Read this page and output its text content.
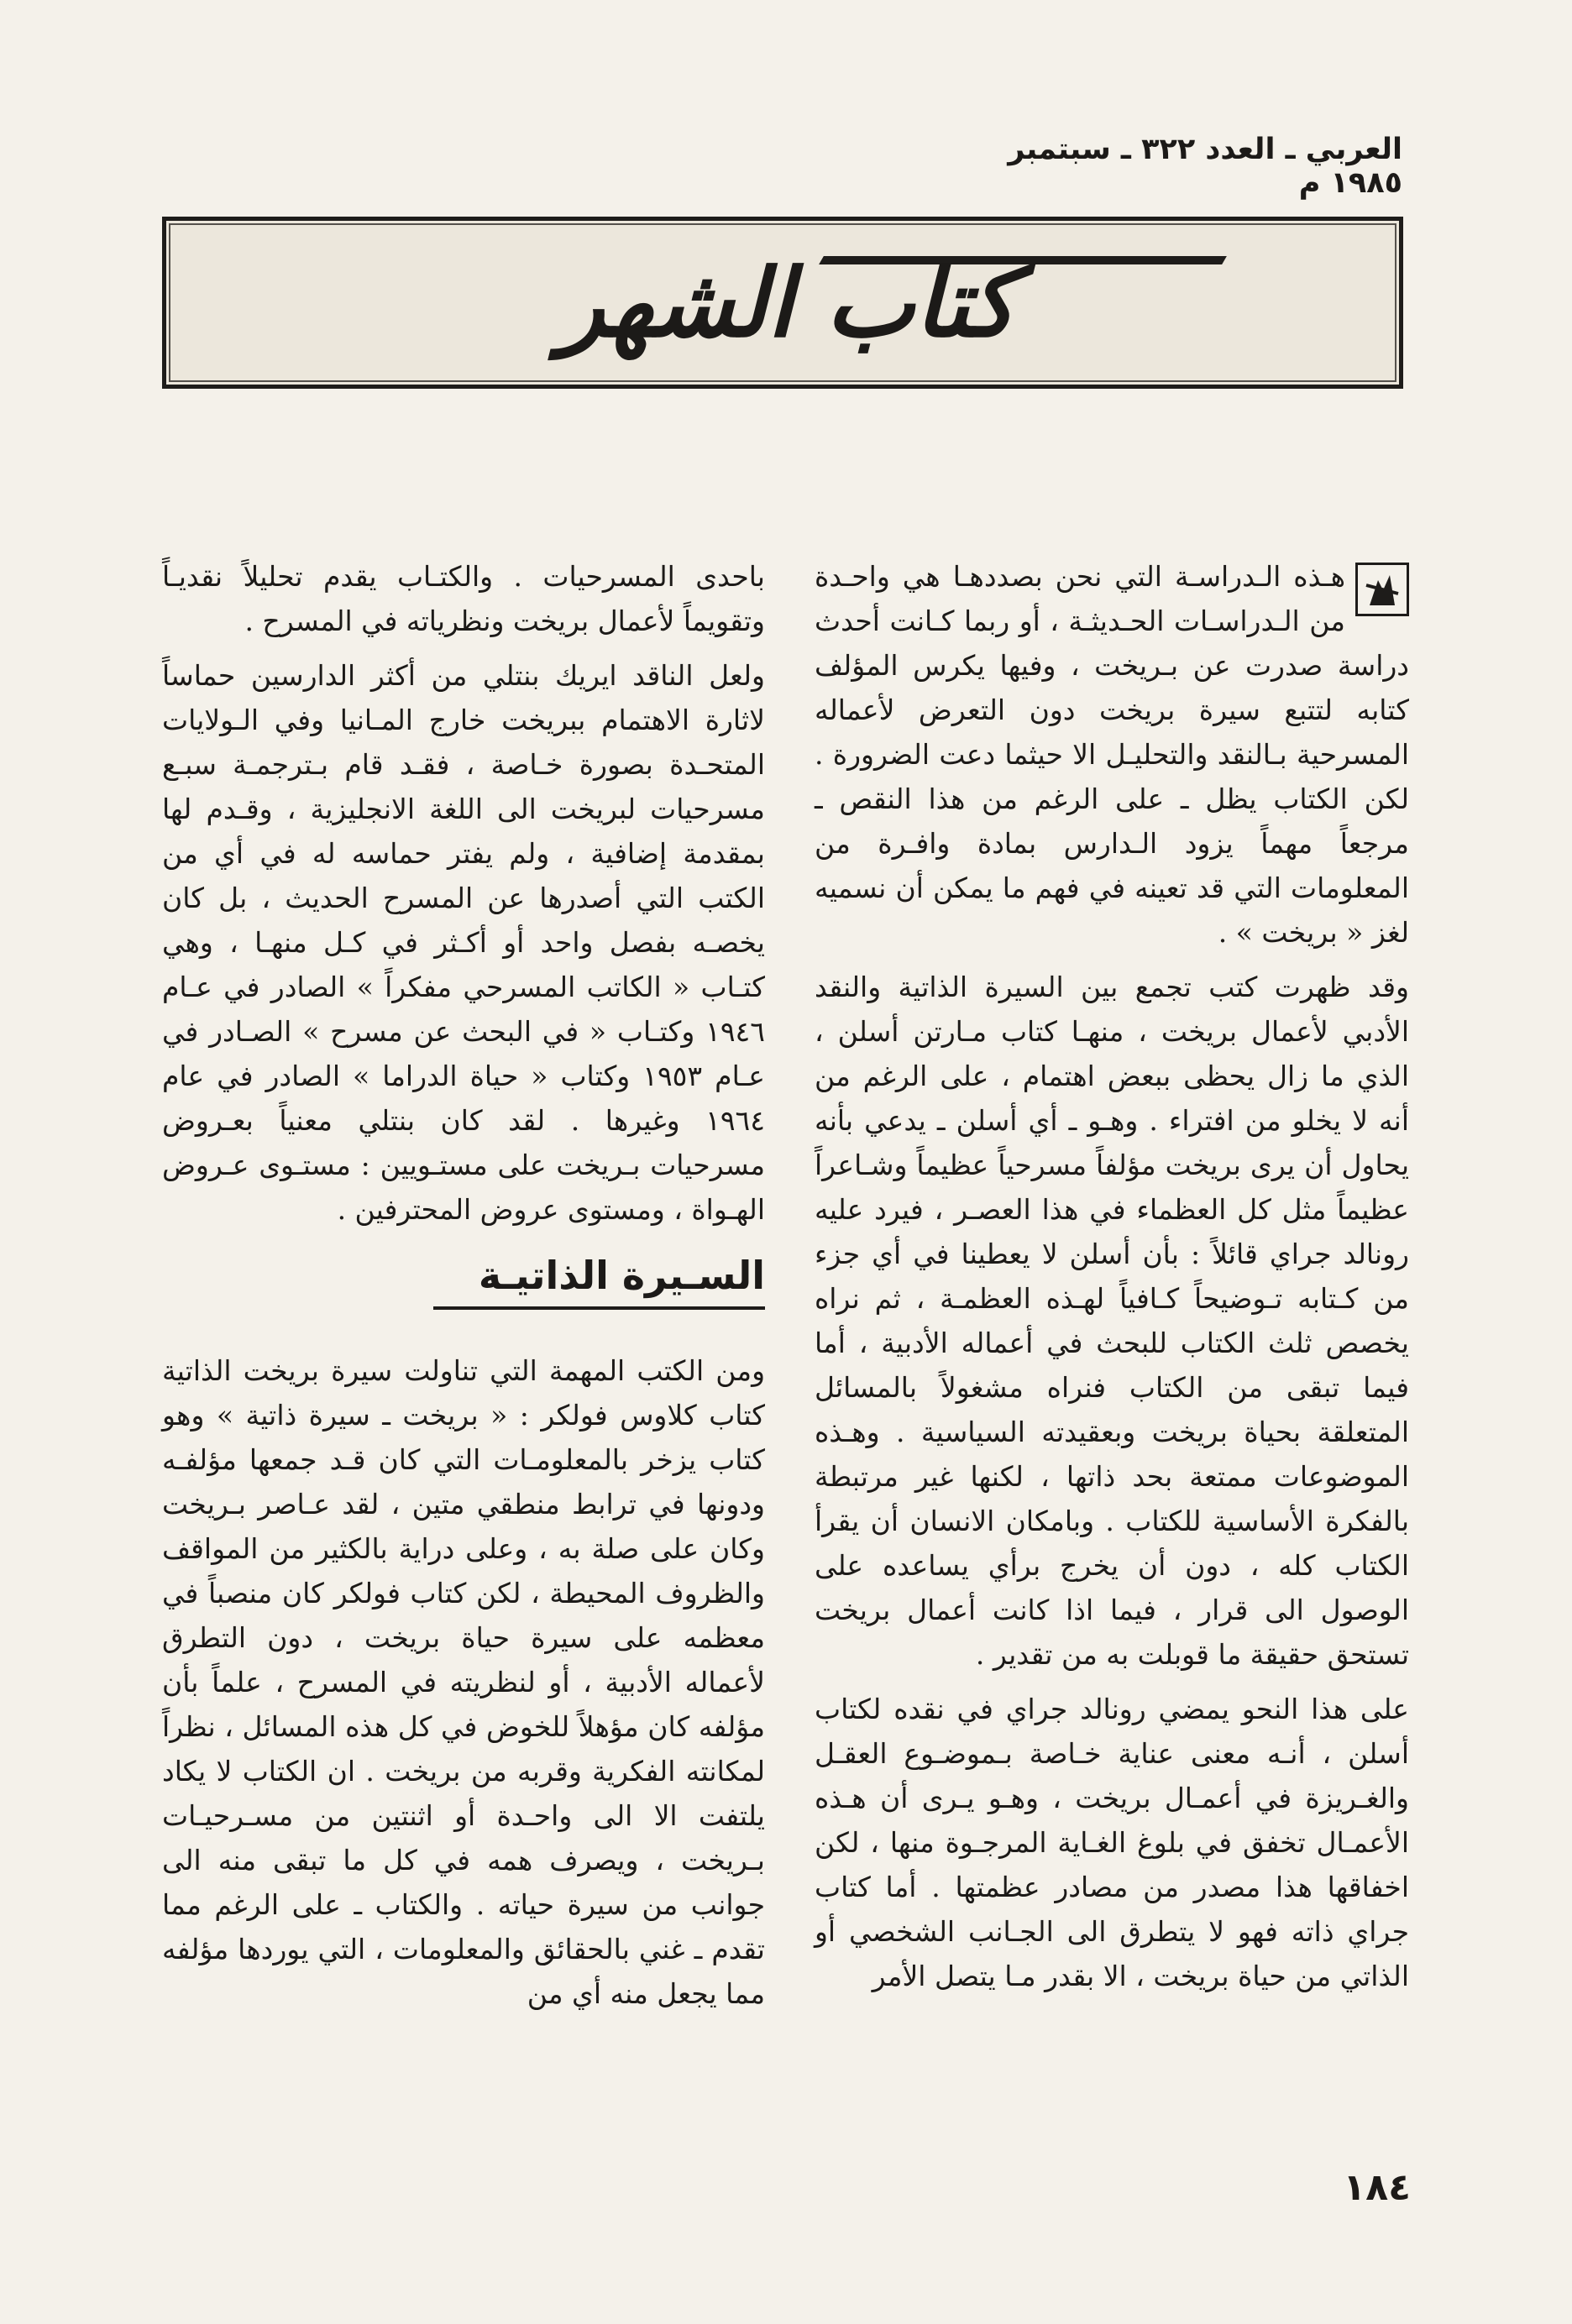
العربي ـ العدد ٣٢٢ ـ سبتمبر ١٩٨٥ م
كتاب الشهر

هـذه الـدراسـة التي نحن بصددهـا هي واحـدة من الـدراسـات الحـديثـة ، أو ربما كـانت أحدث دراسة صدرت عن بـريخت ، وفيها يكرس المؤلف كتابه لتتبع سيرة بريخت دون التعرض لأعماله المسرحية بـالنقد والتحليـل الا حيثما دعت الضرورة . لكن الكتاب يظل ـ على الرغم من هذا النقص ـ مرجعاً مهماً يزود الـدارس بمادة وافـرة من المعلومات التي قد تعينه في فهم ما يمكن أن نسميه لغز « بريخت » .

وقد ظهرت كتب تجمع بين السيرة الذاتية والنقد الأدبي لأعمال بريخت ، منهـا كتاب مـارتن أسلن ، الذي ما زال يحظى ببعض اهتمام ، على الرغم من أنه لا يخلو من افتراء . وهـو ـ أي أسلن ـ يدعي بأنه يحاول أن يرى بريخت مؤلفاً مسرحياً عظيماً وشـاعراً عظيماً مثل كل العظماء في هذا العصـر ، فيرد عليه رونالد جراي قائلاً : بأن أسلن لا يعطينا في أي جزء من كـتابه تـوضيحاً كـافياً لهـذه العظمـة ، ثم نراه يخصص ثلث الكتاب للبحث في أعماله الأدبية ، أما فيما تبقى من الكتاب فنراه مشغولاً بالمسائل المتعلقة بحياة بريخت وبعقيدته السياسية . وهـذه الموضوعات ممتعة بحد ذاتها ، لكنها غير مرتبطة بالفكرة الأساسية للكتاب . وبامكان الانسان أن يقرأ الكتاب كله ، دون أن يخرج برأي يساعده على الوصول الى قرار ، فيما اذا كانت أعمال بريخت تستحق حقيقة ما قوبلت به من تقدير .

على هذا النحو يمضي رونالد جراي في نقده لكتاب أسلن ، أنـه معنى عناية خـاصة بـموضـوع العقـل والغـريزة في أعمـال بريخت ، وهـو يـرى أن هـذه الأعمـال تخفق في بلوغ الغـاية المرجـوة منها ، لكن اخفاقها هذا مصدر من مصادر عظمتها . أما كتاب جراي ذاته فهو لا يتطرق الى الجـانب الشخصي أو الذاتي من حياة بريخت ، الا بقدر مـا يتصل الأمر

باحدى المسرحيات . والكتـاب يقدم تحليلاً نقديـاً وتقويماً لأعمال بريخت ونظرياته في المسرح .

ولعل الناقد ايريك بنتلي من أكثر الدارسين حماساً لاثارة الاهتمام ببريخت خارج المـانيا وفي الـولايات المتحـدة بصورة خـاصة ، فقـد قام بـترجمـة سبـع مسرحيات لبريخت الى اللغة الانجليزية ، وقـدم لها بمقدمة إضافية ، ولم يفتر حماسه له في أي من الكتب التي أصدرها عن المسرح الحديث ، بل كان يخصـه بفصل واحد أو أكـثر في كـل منهـا ، وهي كتـاب « الكاتب المسرحي مفكراً » الصادر في عـام ١٩٤٦ وكتـاب « في البحث عن مسرح » الصـادر في عـام ١٩٥٣ وكتاب « حياة الدراما » الصادر في عام ١٩٦٤ وغيرها . لقد كان بنتلي معنياً بعـروض مسرحيات بـريخت على مستـويين : مستـوى عـروض الهـواة ، ومستوى عروض المحترفين .

السـيرة الذاتيـة

ومن الكتب المهمة التي تناولت سيرة بريخت الذاتية كتاب كلاوس فولكر : « بريخت ـ سيرة ذاتية » وهو كتاب يزخر بالمعلومـات التي كان قـد جمعها مؤلفـه ودونها في ترابط منطقي متين ، لقد عـاصر بـريخت وكان على صلة به ، وعلى دراية بالكثير من المواقف والظروف المحيطة ، لكن كتاب فولكر كان منصباً في معظمه على سيرة حياة بريخت ، دون التطرق لأعماله الأدبية ، أو لنظريته في المسرح ، علماً بأن مؤلفه كان مؤهلاً للخوض في كل هذه المسائل ، نظراً لمكانته الفكرية وقربه من بريخت . ان الكتاب لا يكاد يلتفت الا الى واحـدة أو اثنتين من مسـرحيـات بـريخت ، ويصرف همه في كل ما تبقى منه الى جوانب من سيرة حياته . والكتاب ـ على الرغم مما تقدم ـ غني بالحقائق والمعلومات ، التي يوردها مؤلفه مما يجعل منه أي من

١٨٤
